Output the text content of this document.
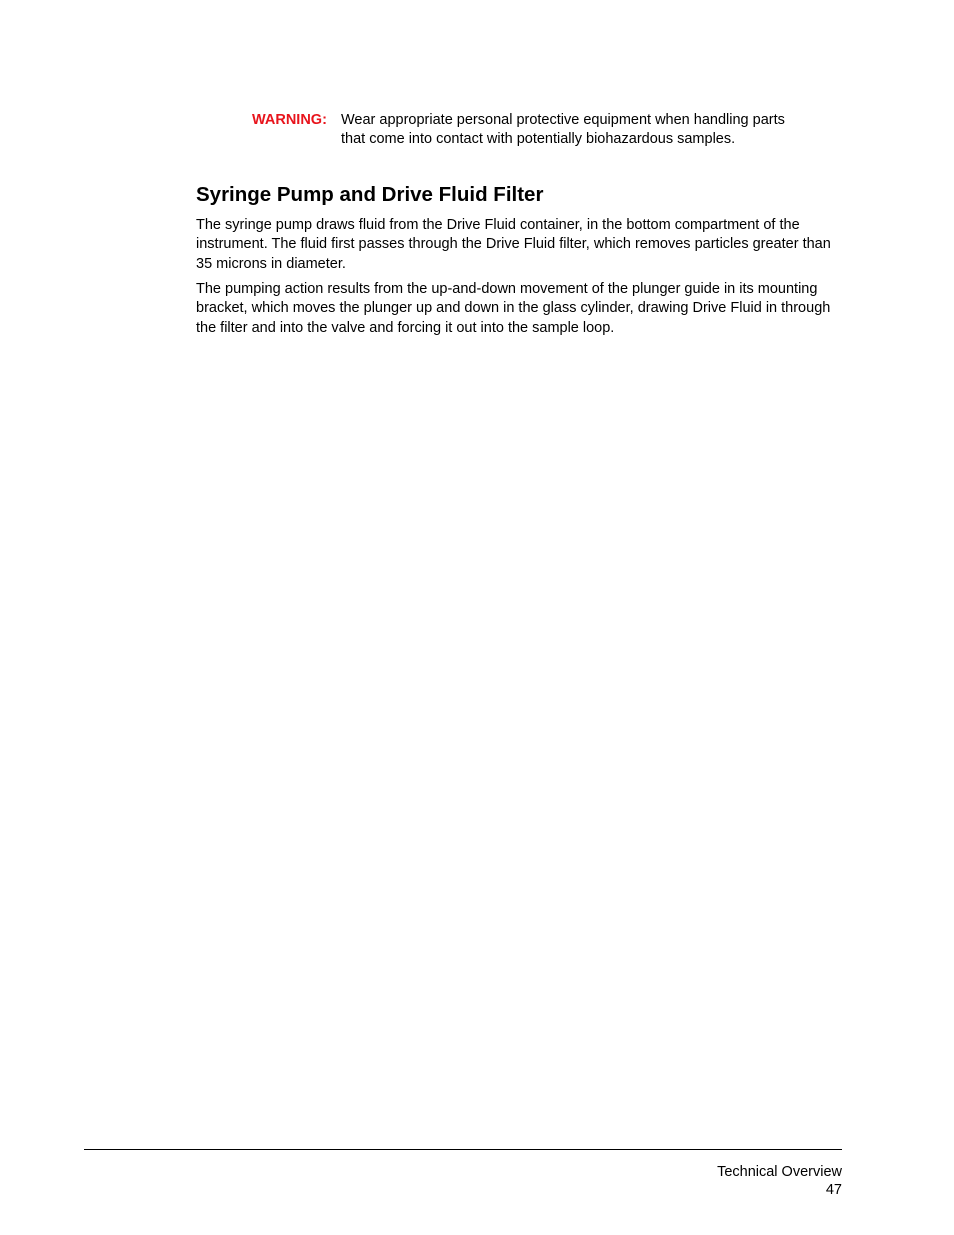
WARNING: Wear appropriate personal protective equipment when handling parts that come into contact with potentially biohazardous samples.
Syringe Pump and Drive Fluid Filter

The syringe pump draws fluid from the Drive Fluid container, in the bottom compartment of the instrument. The fluid first passes through the Drive Fluid filter, which removes particles greater than 35 microns in diameter.

The pumping action results from the up-and-down movement of the plunger guide in its mounting bracket, which moves the plunger up and down in the glass cylinder, drawing Drive Fluid in through the filter and into the valve and forcing it out into the sample loop.

Technical Overview
47
